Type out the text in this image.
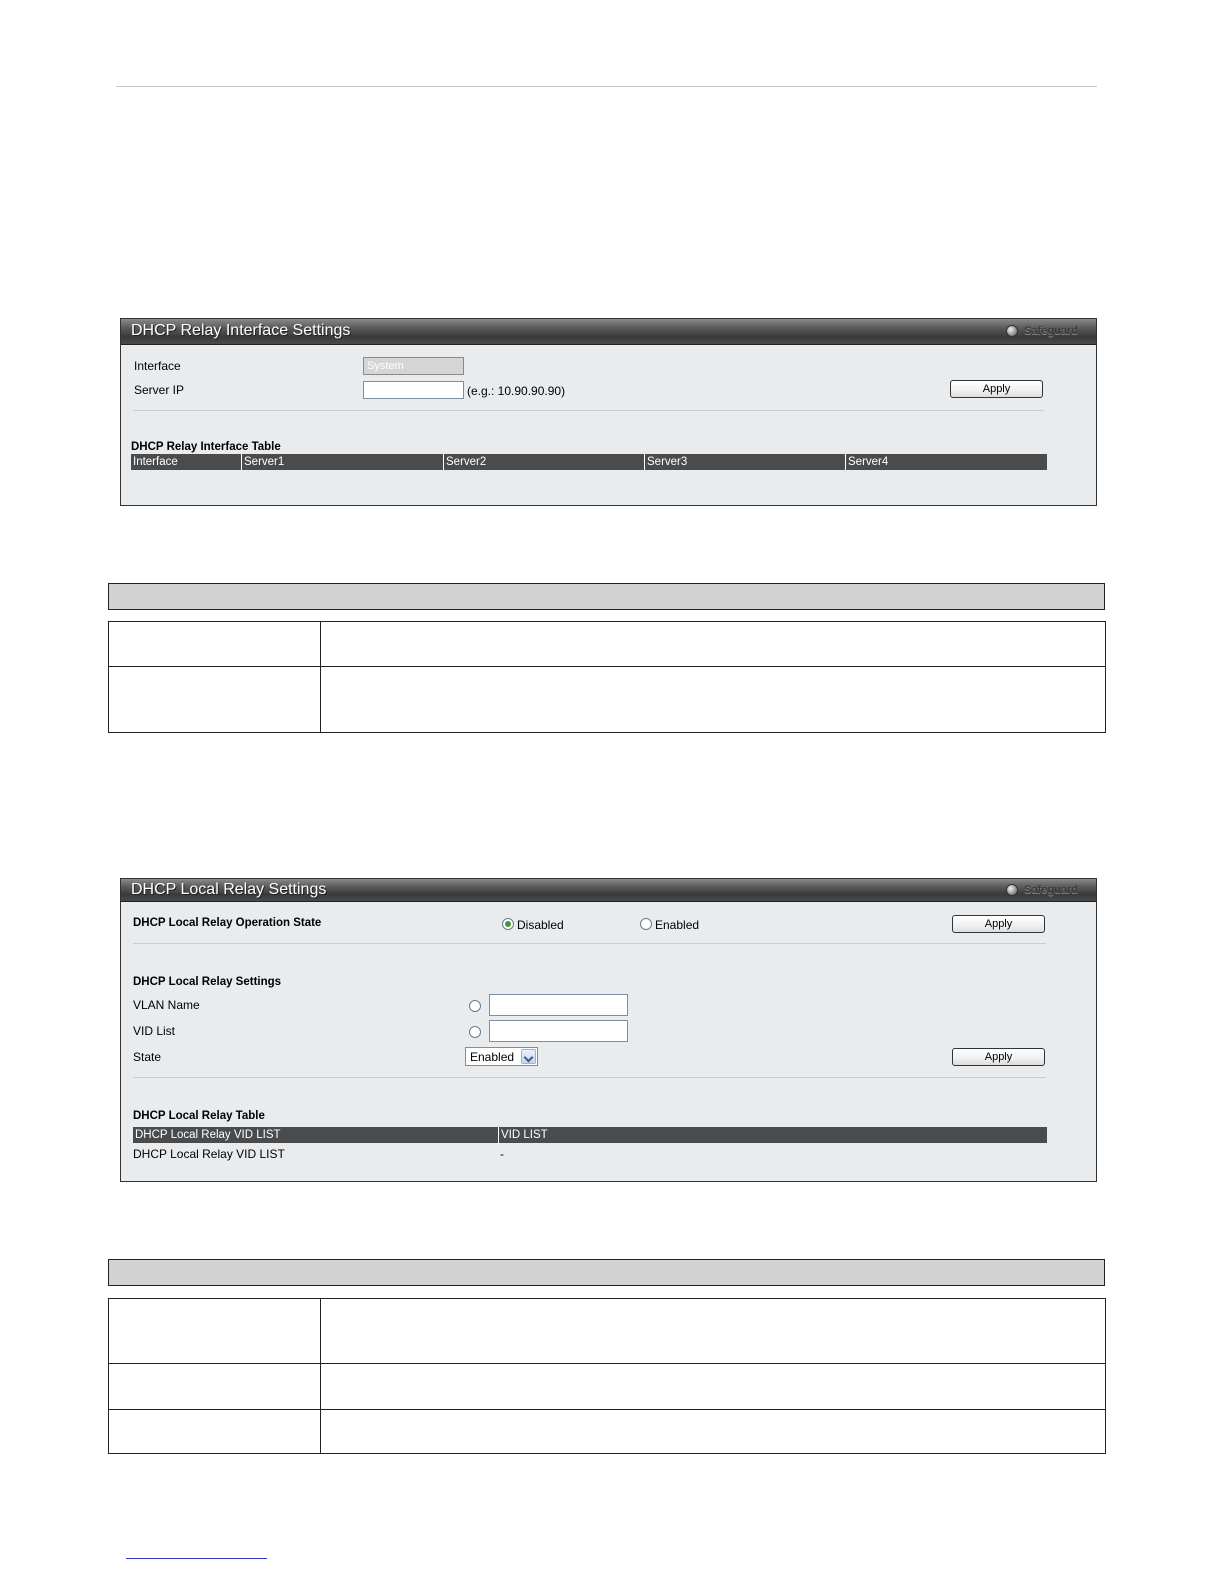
DHCP Relay Interface Settings	Safeguard
Interface
System
Server IP	(e.g.: 10.90.90.90)	Apply
DHCP Relay Interface Table
Interface	Server1	Server2	Server3	Server4

DHCP Local Relay Settings	Safeguard
DHCP Local Relay Operation State	Disabled	Enabled	Apply
DHCP Local Relay Settings
VLAN Name
VID List
State	Enabled	Apply
DHCP Local Relay Table
DHCP Local Relay VID LIST	VID LIST
DHCP Local Relay VID LIST	-
